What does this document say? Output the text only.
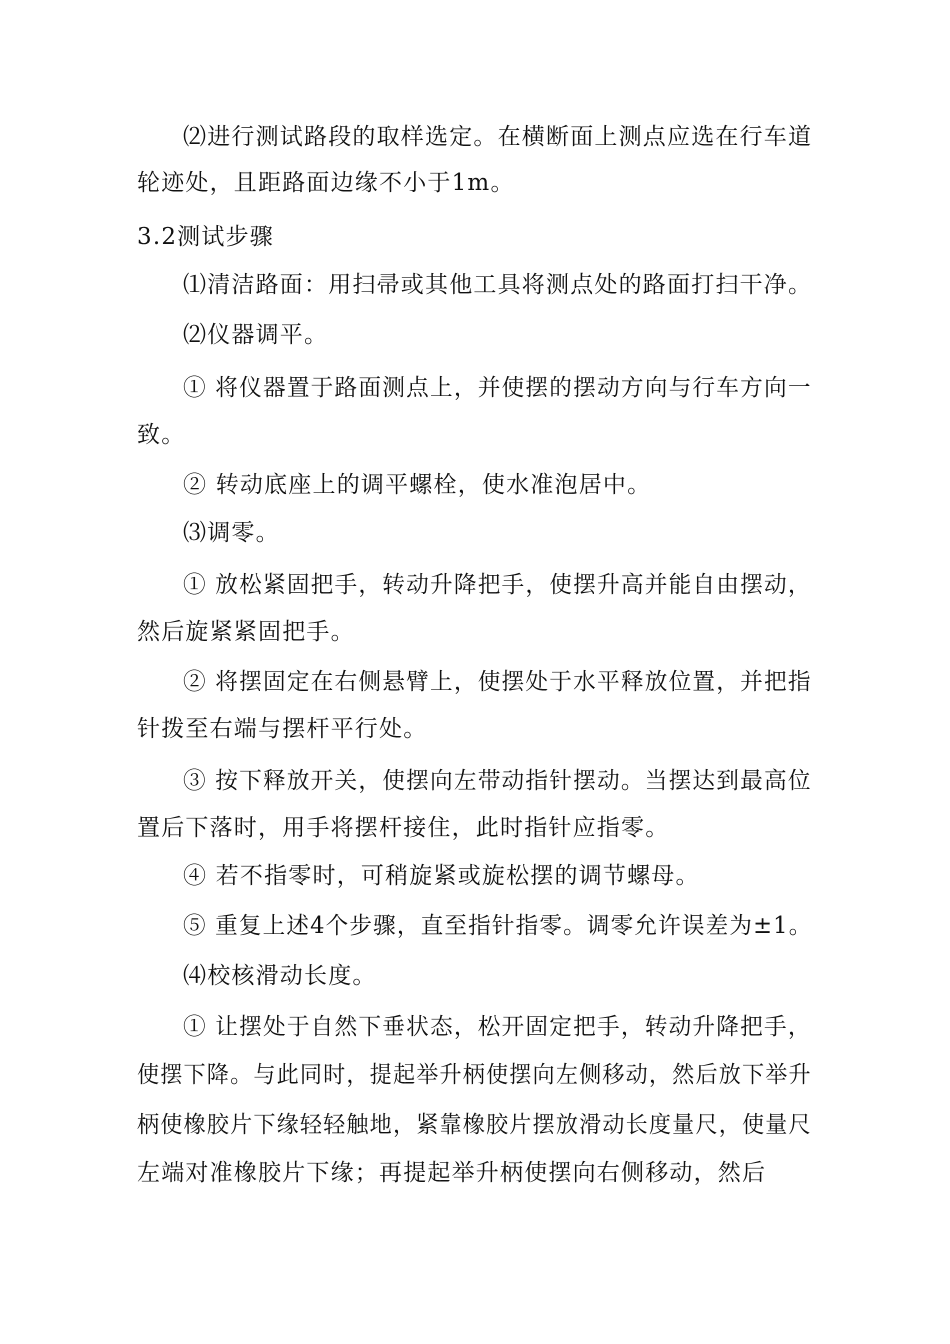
⑵进行测试路段的取样选定。在横断面上测点应选在行车道
轮迹处，且距路面边缘不小于1m。
3.2测试步骤
⑴清洁路面：用扫帚或其他工具将测点处的路面打扫干净。
⑵仪器调平。
① 将仪器置于路面测点上，并使摆的摆动方向与行车方向一
致。
② 转动底座上的调平螺栓，使水准泡居中。
⑶调零。
① 放松紧固把手，转动升降把手，使摆升高并能自由摆动，
然后旋紧紧固把手。
② 将摆固定在右侧悬臂上，使摆处于水平释放位置，并把指
针拨至右端与摆杆平行处。
③ 按下释放开关，使摆向左带动指针摆动。当摆达到最高位
置后下落时，用手将摆杆接住，此时指针应指零。
④ 若不指零时，可稍旋紧或旋松摆的调节螺母。
⑤ 重复上述4个步骤，直至指针指零。调零允许误差为±1。
⑷校核滑动长度。
① 让摆处于自然下垂状态，松开固定把手，转动升降把手，
使摆下降。与此同时，提起举升柄使摆向左侧移动，然后放下举升
柄使橡胶片下缘轻轻触地，紧靠橡胶片摆放滑动长度量尺，使量尺
左端对准橡胶片下缘；再提起举升柄使摆向右侧移动，然后
